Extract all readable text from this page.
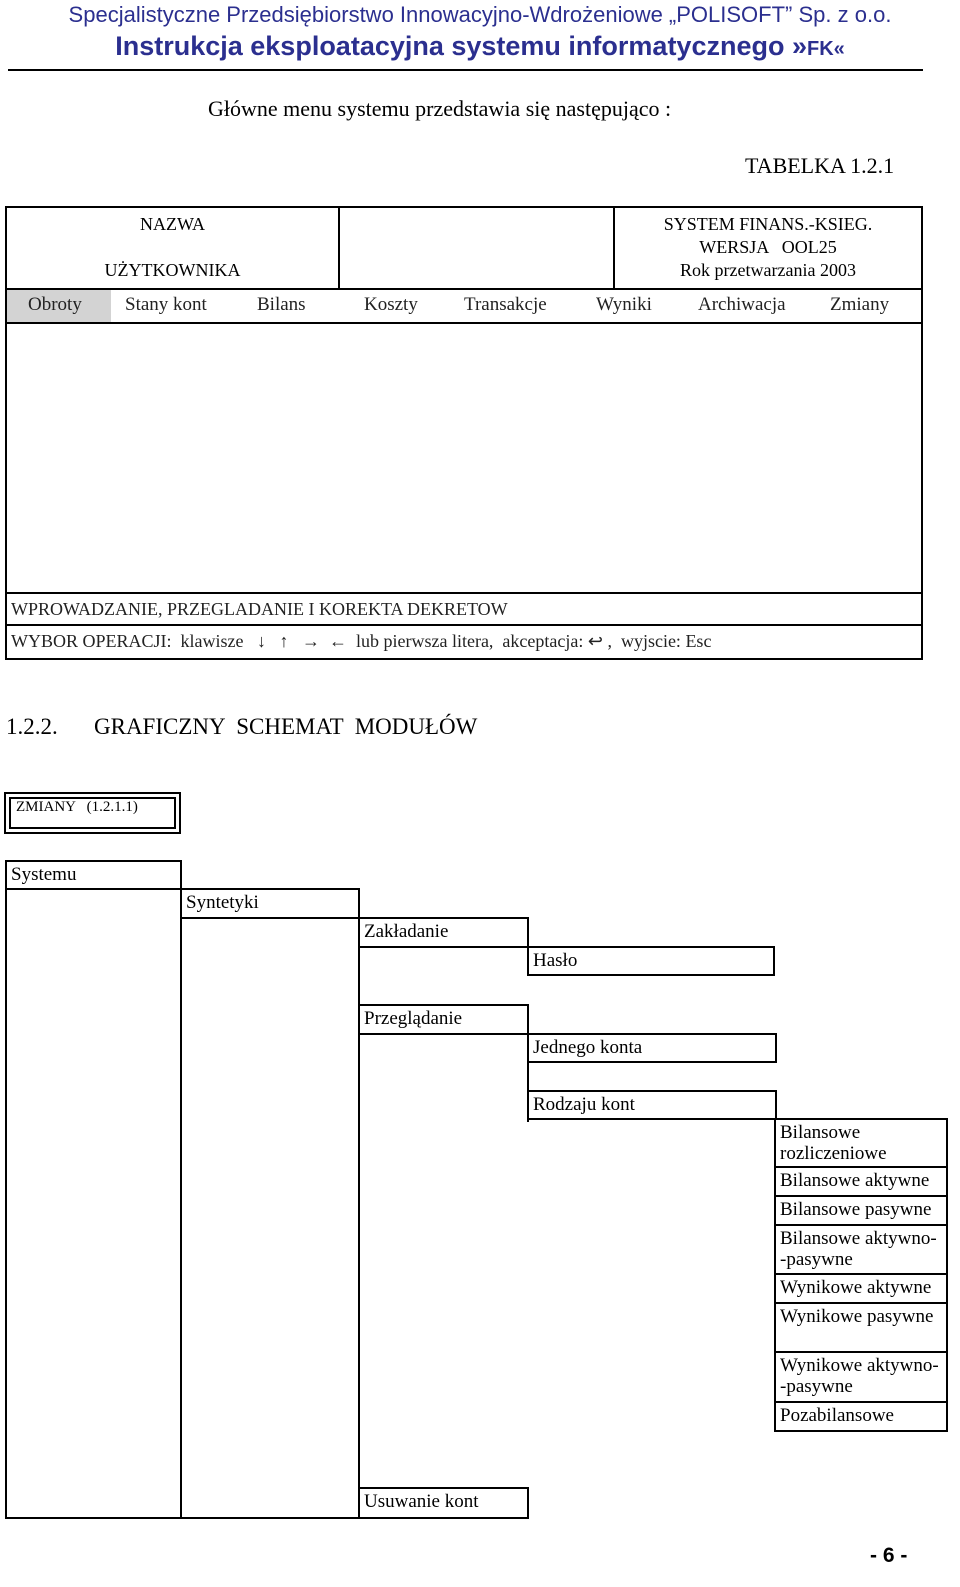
Specjalistyczne Przedsiębiorstwo Innowacyjno-Wdrożeniowe „POLISOFT” Sp. z o.o.
Instrukcja eksploatacyjna systemu informatycznego »FK«
Główne menu systemu przedstawia się następująco :
TABELKA 1.2.1
NAZWA
UŻYTKOWNIKA
SYSTEM FINANS.-KSIEG.
WERSJA   OOL25
Rok przetwarzania 2003
Obroty Stany kont	Bilans	Koszty Transakcje	Wyniki Archiwacja Zmiany
WPROWADZANIE, PRZEGLADANIE I KOREKTA DEKRETOW
WYBOR OPERACJI:  klawisze   ↓   ↑   →  ←  lub pierwsza litera,  akceptacja: ↩ ,  wyjscie: Esc
1.2.2. GRAFICZNY  SCHEMAT  MODUŁÓW
ZMIANY   (1.2.1.1)
Systemu
Syntetyki
Zakładanie
Hasło
Przeglądanie
Jednego konta
Rodzaju kont
Bilansowe rozliczeniowe
Bilansowe aktywne
Bilansowe pasywne
Bilansowe aktywno- -pasywne
Wynikowe aktywne
Wynikowe pasywne
Wynikowe aktywno- -pasywne
Pozabilansowe
Usuwanie kont
- 6 -
